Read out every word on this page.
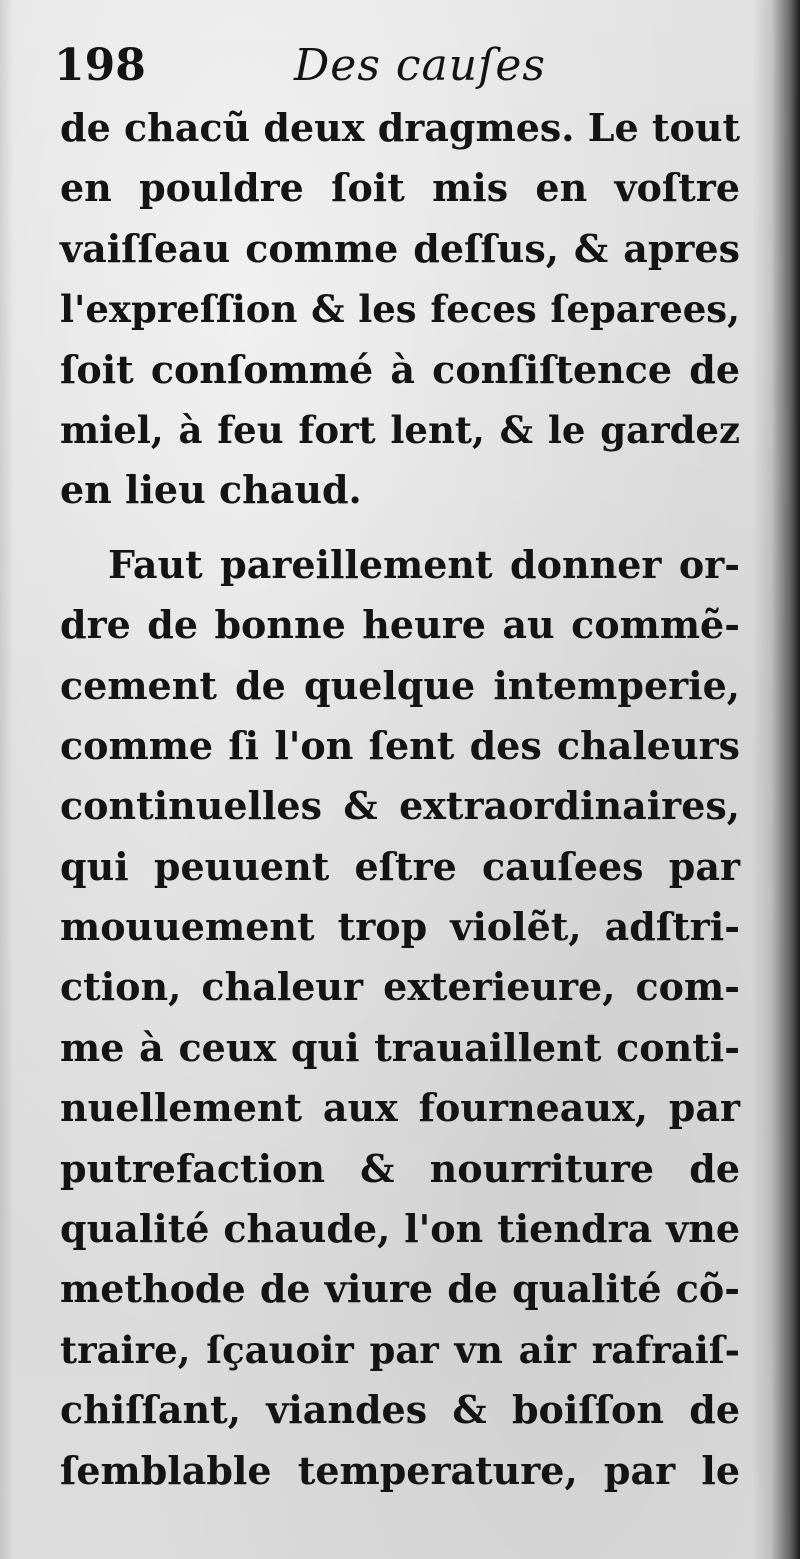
198	Des cauſes
de chacũ deux dragmes. Le tout
en pouldre ſoit mis en voſtre
vaiſſeau comme deſſus, & apres
l'expreſſion & les feces ſeparees,
ſoit conſommé à conſiſtence de
miel, à feu fort lent, & le gardez
en lieu chaud.
Faut pareillement donner or-
dre de bonne heure au commẽ-
cement de quelque intemperie,
comme ſi l'on ſent des chaleurs
continuelles & extraordinaires,
qui peuuent eſtre cauſees par
mouuement trop violẽt, adſtri-
ction, chaleur exterieure, com-
me à ceux qui trauaillent conti-
nuellement aux fourneaux, par
putrefaction & nourriture de
qualité chaude, l'on tiendra vne
methode de viure de qualité cõ-
traire, ſçauoir par vn air rafraiſ-
chiſſant, viandes & boiſſon de
ſemblable temperature, par le
